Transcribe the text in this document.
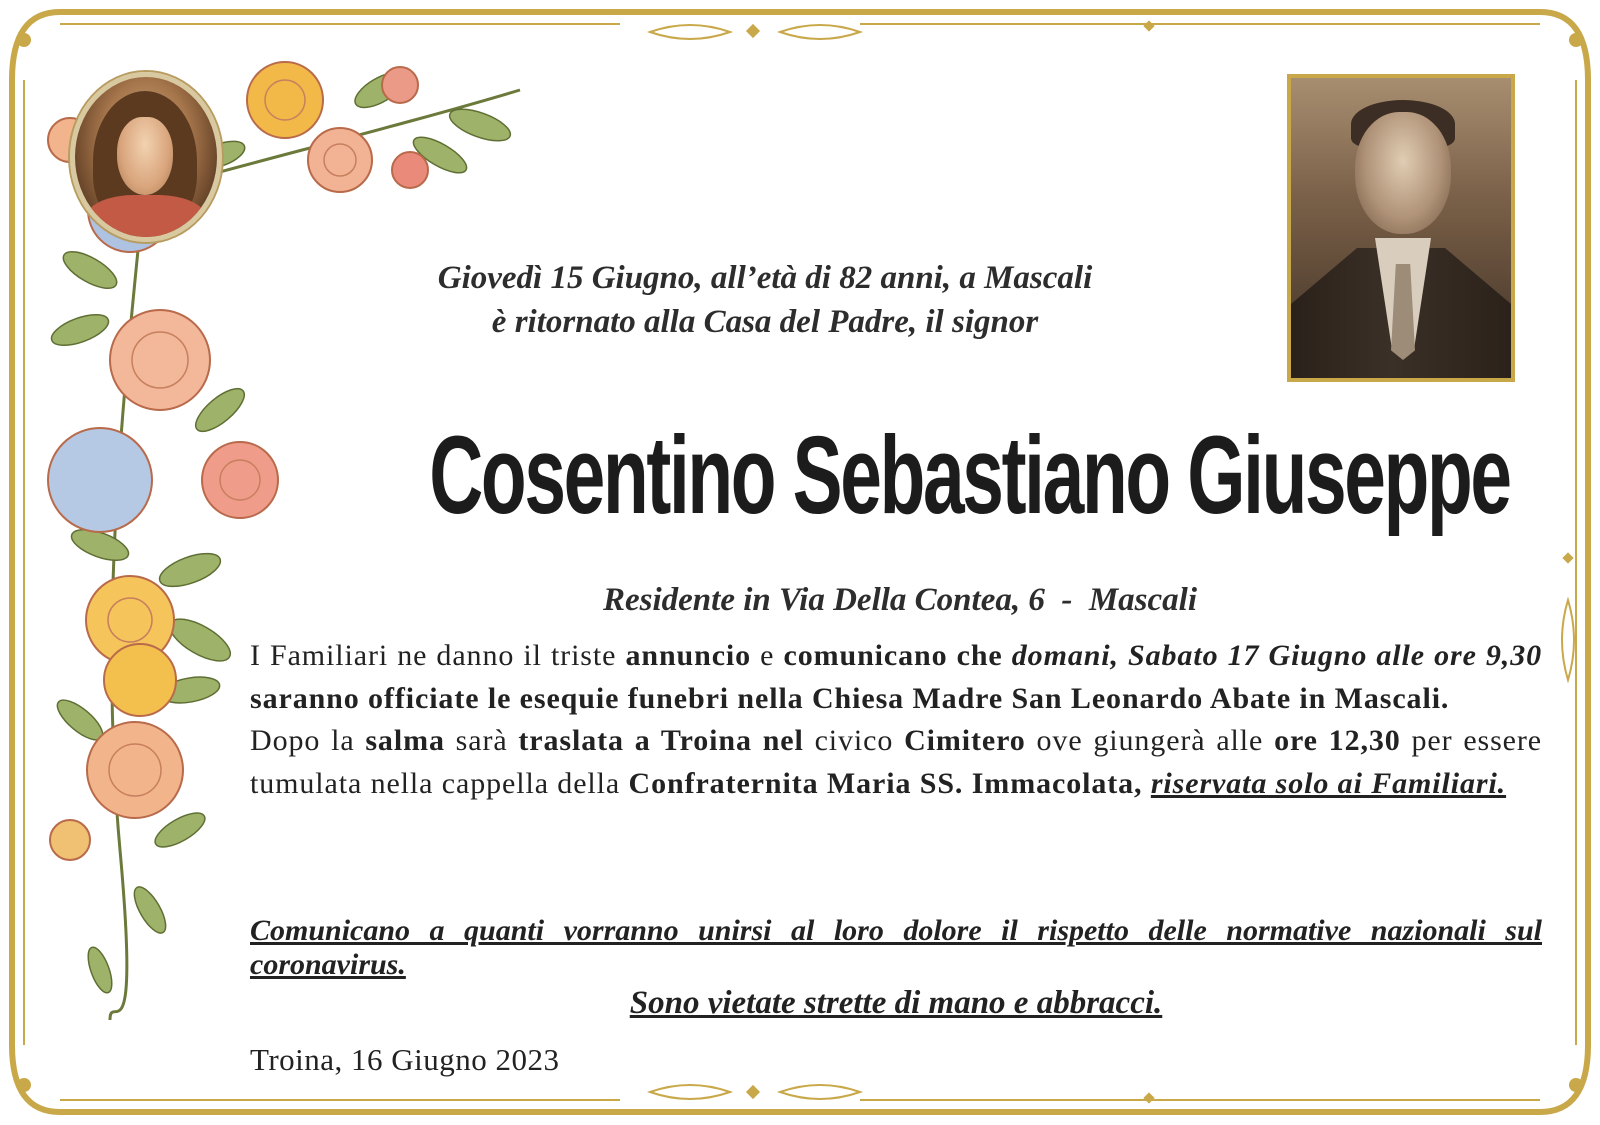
Giovedì 15 Giugno, all’età di 82 anni, a Mascali
è ritornato alla Casa del Padre, il signor
Cosentino Sebastiano Giuseppe
Residente in Via Della Contea, 6  -  Mascali
I Familiari ne danno il triste annuncio e comunicano che domani, Sabato 17 Giugno alle ore 9,30 saranno officiate le esequie funebri nella Chiesa Madre San Leonardo Abate in Mascali.
Dopo la salma sarà traslata a Troina nel civico Cimitero ove giungerà alle ore 12,30 per essere tumulata nella cappella della Confraternita Maria SS. Immacolata, riservata solo ai Familiari.
Comunicano a quanti vorranno unirsi al loro dolore il rispetto delle normative nazionali sul coronavirus.
Sono vietate strette di mano e abbracci.
Troina, 16 Giugno 2023
